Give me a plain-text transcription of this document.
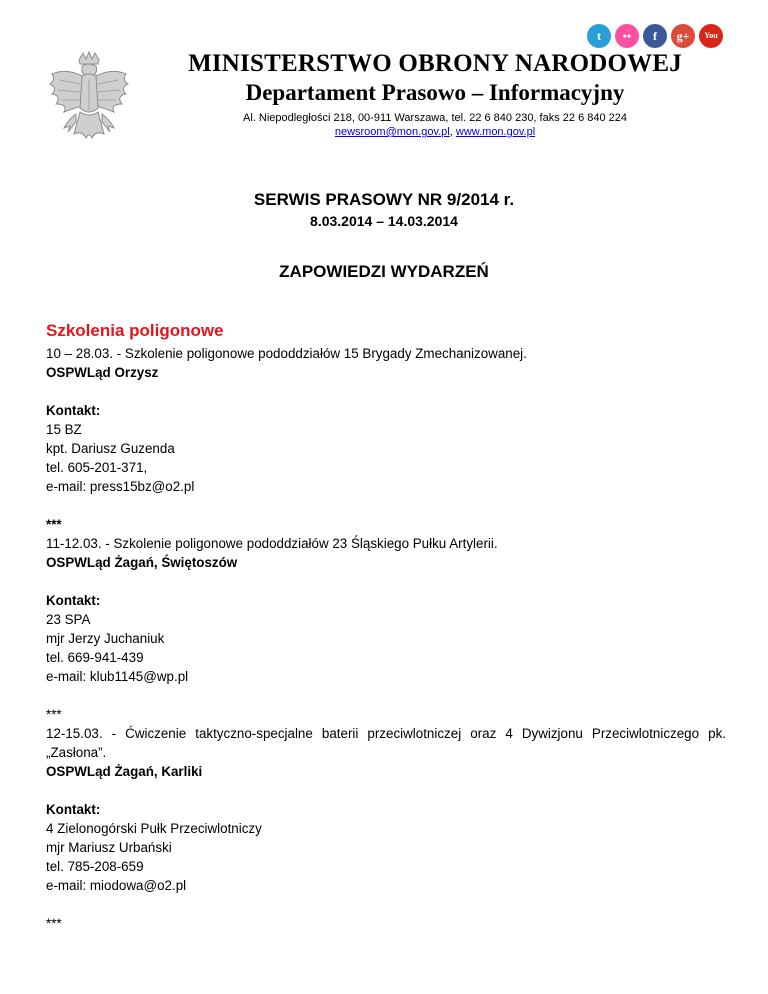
t	••	f	g+	You
MINISTERSTWO OBRONY NARODOWEJ
Departament Prasowo – Informacyjny
Al. Niepodległości 218, 00-911 Warszawa, tel. 22 6 840 230, faks 22 6 840 224
newsroom@mon.gov.pl, www.mon.gov.pl
SERWIS PRASOWY NR 9/2014 r.
8.03.2014 – 14.03.2014
ZAPOWIEDZI WYDARZEŃ
Szkolenia poligonowe
10 – 28.03. - Szkolenie poligonowe pododdziałów 15 Brygady Zmechanizowanej.
OSPWLąd Orzysz
Kontakt:
15 BZ
kpt. Dariusz Guzenda
tel. 605-201-371,
e-mail: press15bz@o2.pl
***
11-12.03. - Szkolenie poligonowe pododdziałów 23 Śląskiego Pułku Artylerii.
OSPWLąd Żagań, Świętoszów
Kontakt:
23 SPA
mjr Jerzy Juchaniuk
tel. 669-941-439
e-mail: klub1145@wp.pl
***
12-15.03. - Ćwiczenie taktyczno-specjalne baterii przeciwlotniczej oraz 4 Dywizjonu Przeciwlotniczego pk. „Zasłona”.
OSPWLąd Żagań, Karliki
Kontakt:
4 Zielonogórski Pułk Przeciwlotniczy
mjr Mariusz Urbański
tel. 785-208-659
e-mail: miodowa@o2.pl
***
